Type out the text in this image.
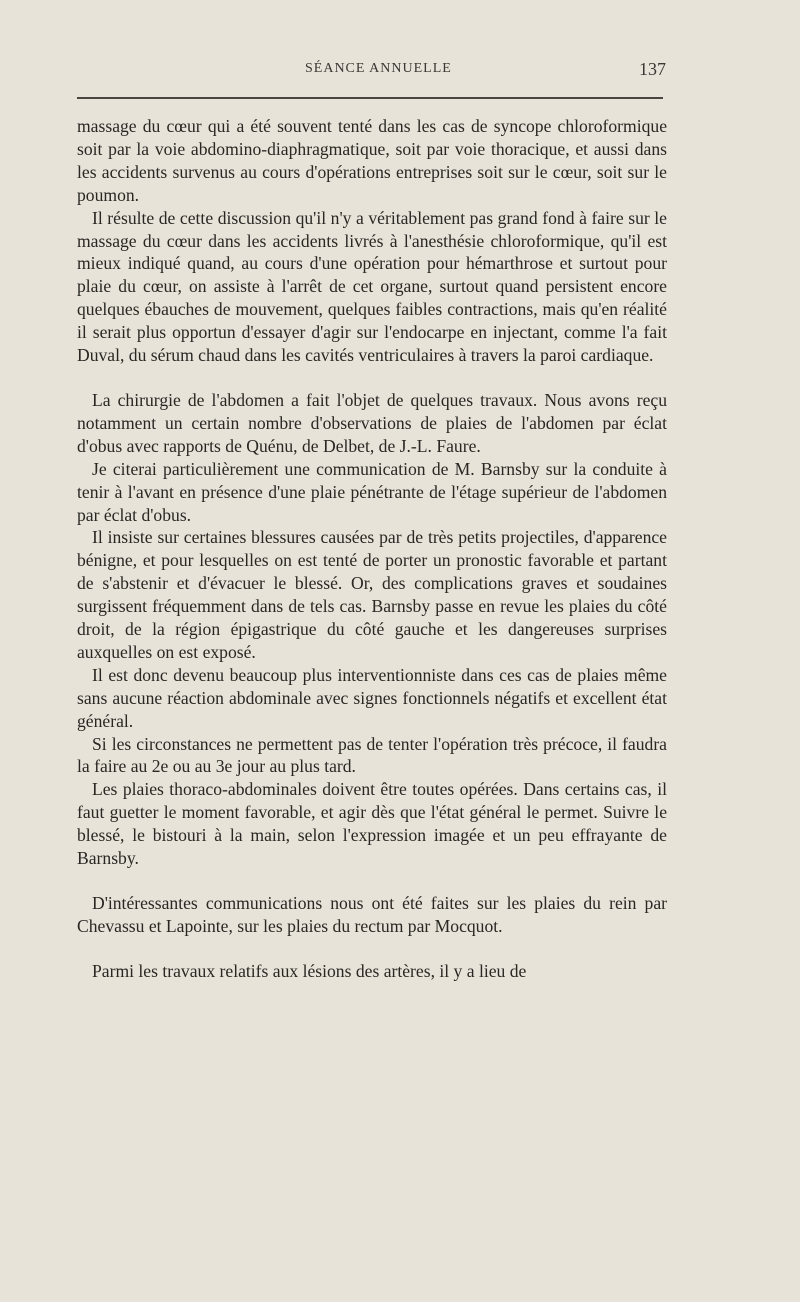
SÉANCE ANNUELLE	137

massage du cœur qui a été souvent tenté dans les cas de syncope chloroformique soit par la voie abdomino-diaphragmatique, soit par voie thoracique, et aussi dans les accidents survenus au cours d'opérations entreprises soit sur le cœur, soit sur le poumon.

Il résulte de cette discussion qu'il n'y a véritablement pas grand fond à faire sur le massage du cœur dans les accidents livrés à l'anesthésie chloroformique, qu'il est mieux indiqué quand, au cours d'une opération pour hémarthrose et surtout pour plaie du cœur, on assiste à l'arrêt de cet organe, surtout quand persistent encore quelques ébauches de mouvement, quelques faibles contractions, mais qu'en réalité il serait plus opportun d'essayer d'agir sur l'endocarpe en injectant, comme l'a fait Duval, du sérum chaud dans les cavités ventriculaires à travers la paroi cardiaque.

La chirurgie de l'abdomen a fait l'objet de quelques travaux. Nous avons reçu notamment un certain nombre d'observations de plaies de l'abdomen par éclat d'obus avec rapports de Quénu, de Delbet, de J.-L. Faure.

Je citerai particulièrement une communication de M. Barnsby sur la conduite à tenir à l'avant en présence d'une plaie pénétrante de l'étage supérieur de l'abdomen par éclat d'obus.

Il insiste sur certaines blessures causées par de très petits projectiles, d'apparence bénigne, et pour lesquelles on est tenté de porter un pronostic favorable et partant de s'abstenir et d'évacuer le blessé. Or, des complications graves et soudaines surgissent fréquemment dans de tels cas. Barnsby passe en revue les plaies du côté droit, de la région épigastrique du côté gauche et les dangereuses surprises auxquelles on est exposé.

Il est donc devenu beaucoup plus interventionniste dans ces cas de plaies même sans aucune réaction abdominale avec signes fonctionnels négatifs et excellent état général.

Si les circonstances ne permettent pas de tenter l'opération très précoce, il faudra la faire au 2e ou au 3e jour au plus tard.

Les plaies thoraco-abdominales doivent être toutes opérées. Dans certains cas, il faut guetter le moment favorable, et agir dès que l'état général le permet. Suivre le blessé, le bistouri à la main, selon l'expression imagée et un peu effrayante de Barnsby.

D'intéressantes communications nous ont été faites sur les plaies du rein par Chevassu et Lapointe, sur les plaies du rectum par Mocquot.

Parmi les travaux relatifs aux lésions des artères, il y a lieu de
